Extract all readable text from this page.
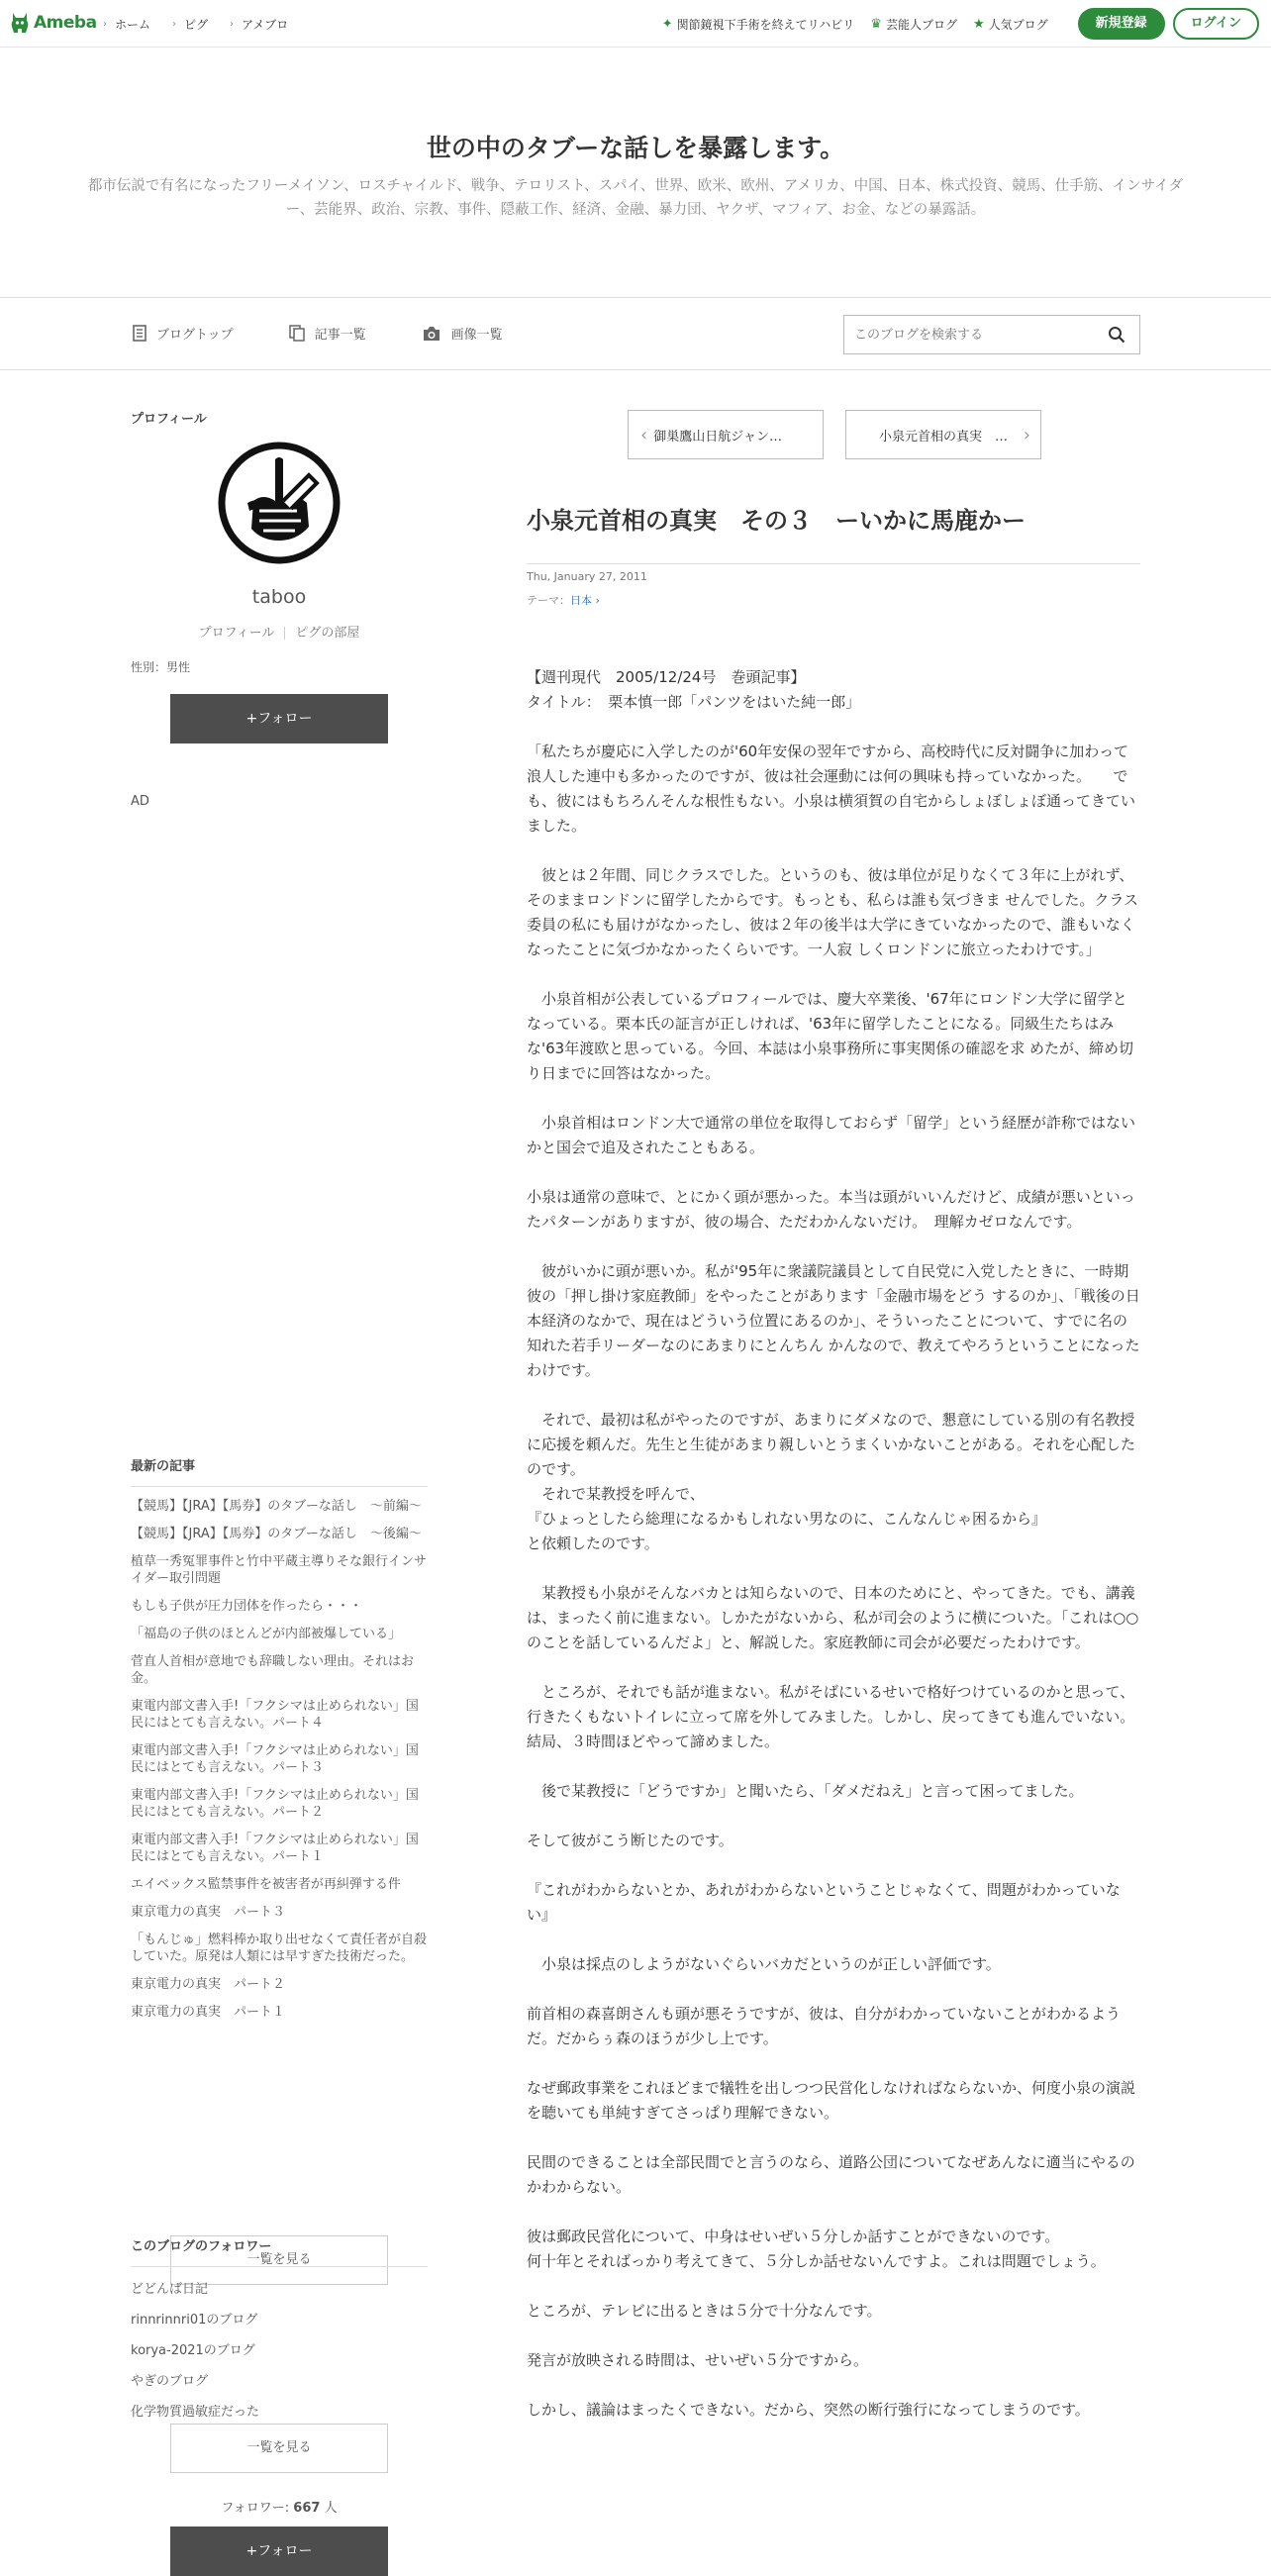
Ameba › ホーム › ピグ › アメブロ	✦ 関節鏡視下手術を終えてリハビリ ♛ 芸能人ブログ ★ 人気ブログ	新規登録	ログイン
世の中のタブーな話しを暴露します。

都市伝説で有名になったフリーメイソン、ロスチャイルド、戦争、テロリスト、スパイ、世界、欧米、欧州、アメリカ、中国、日本、株式投資、競馬、仕手筋、インサイダー、芸能界、政治、宗教、事件、隠蔽工作、経済、金融、暴力団、ヤクザ、マフィア、お金、などの暴露話。

ブログトップ	記事一覧	画像一覧
このブログを検索する
プロフィール
taboo
プロフィール ピグの部屋
性別：男性
+フォロー
AD
最新の記事
【競馬】【JRA】【馬券】のタブーな話し　〜前編〜
【競馬】【JRA】【馬券】のタブーな話し　〜後編〜
植草一秀冤罪事件と竹中平蔵主導りそな銀行インサイダー取引問題
もしも子供が圧力団体を作ったら・・・
「福島の子供のほとんどが内部被爆している」
菅直人首相が意地でも辞職しない理由。それはお金。
東電内部文書入手!「フクシマは止められない」国民にはとても言えない。パート４
東電内部文書入手!「フクシマは止められない」国民にはとても言えない。パート３
東電内部文書入手!「フクシマは止められない」国民にはとても言えない。パート２
東電内部文書入手!「フクシマは止められない」国民にはとても言えない。パート１
エイベックス監禁事件を被害者が再糾弾する件
東京電力の真実　パート３
「もんじゅ」燃料棒か取り出せなくて責任者が自殺していた。原発は人類には早すぎた技術だった。
東京電力の真実　パート２
東京電力の真実　パート１
一覧を見る
このブログのフォロワー
どどんば日記
rinnrinnri01のブログ
korya-2021のブログ
やぎのブログ
化学物質過敏症だった
一覧を見る
フォロワー: 667 人
+フォロー
‹ 御巣鷹山日航ジャン…	小泉元首相の真実　… ›
小泉元首相の真実　その３　ーいかに馬鹿かー
Thu, January 27, 2011
テーマ：日本 ›

【週刊現代　2005/12/24号　巻頭記事】
タイトル：　栗本慎一郎「パンツをはいた純一郎」

「私たちが慶応に入学したのが'60年安保の翌年ですから、高校時代に反対闘争に加わって浪人した連中も多かったのですが、彼は社会運動には何の興味も持っていなかった。　　でも、彼にはもちろんそんな根性もない。小泉は横須賀の自宅からしょぼしょぼ通ってきていました。

　彼とは２年間、同じクラスでした。というのも、彼は単位が足りなくて３年に上がれず、そのままロンドンに留学したからです。もっとも、私らは誰も気づきま せんでした。クラス委員の私にも届けがなかったし、彼は２年の後半は大学にきていなかったので、誰もいなくなったことに気づかなかったくらいです。一人寂 しくロンドンに旅立ったわけです。」

　小泉首相が公表しているプロフィールでは、慶大卒業後、'67年にロンドン大学に留学となっている。栗本氏の証言が正しければ、'63年に留学したことになる。同級生たちはみな'63年渡欧と思っている。今回、本誌は小泉事務所に事実関係の確認を求 めたが、締め切り日までに回答はなかった。

　小泉首相はロンドン大で通常の単位を取得しておらず「留学」という経歴が詐称ではないかと国会で追及されたこともある。

小泉は通常の意味で、とにかく頭が悪かった。本当は頭がいいんだけど、成績が悪いといったパターンがありますが、彼の場合、ただわかんないだけ。　理解カゼロなんです。

　彼がいかに頭が悪いか。私が'95年に衆議院議員として自民党に入党したときに、一時期彼の「押し掛け家庭教師」をやったことがあります「金融市場をどう するのか」、「戦後の日本経済のなかで、現在はどういう位置にあるのか」、そういったことについて、すでに名の知れた若手リーダーなのにあまりにとんちん かんなので、教えてやろうということになったわけです。

　それで、最初は私がやったのですが、あまりにダメなので、懇意にしている別の有名教授に応援を頼んだ。先生と生徒があまり親しいとうまくいかないことがある。それを心配したのです。
　それで某教授を呼んで、
『ひょっとしたら総理になるかもしれない男なのに、こんなんじゃ困るから』
と依頼したのです。

　某教授も小泉がそんなバカとは知らないので、日本のためにと、やってきた。でも、講義は、まったく前に進まない。しかたがないから、私が司会のように横についた。「これは○○のことを話しているんだよ」と、解説した。家庭教師に司会が必要だったわけです。

　ところが、それでも話が進まない。私がそばにいるせいで格好つけているのかと思って、行きたくもないトイレに立って席を外してみました。しかし、戻ってきても進んでいない。結局、３時間ほどやって諦めました。

　後で某教授に「どうですか」と聞いたら、「ダメだねえ」と言って困ってました。

そして彼がこう断じたのです。

『これがわからないとか、あれがわからないということじゃなくて、問題がわかっていない』

　小泉は採点のしようがないぐらいバカだというのが正しい評価です。

前首相の森喜朗さんも頭が悪そうですが、彼は、自分がわかっていないことがわかるようだ。だからぅ森のほうが少し上です。

なぜ郵政事業をこれほどまで犠牲を出しつつ民営化しなければならないか、何度小泉の演説を聴いても単純すぎてさっぱり理解できない。

民間のできることは全部民間でと言うのなら、道路公団についてなぜあんなに適当にやるのかわからない。

彼は郵政民営化について、中身はせいぜい５分しか話すことができないのです。
何十年とそればっかり考えてきて、５分しか話せないんですよ。これは問題でしょう。

ところが、テレビに出るときは５分で十分なんです。

発言が放映される時間は、せいぜい５分ですから。

しかし、議論はまったくできない。だから、突然の断行強行になってしまうのです。
